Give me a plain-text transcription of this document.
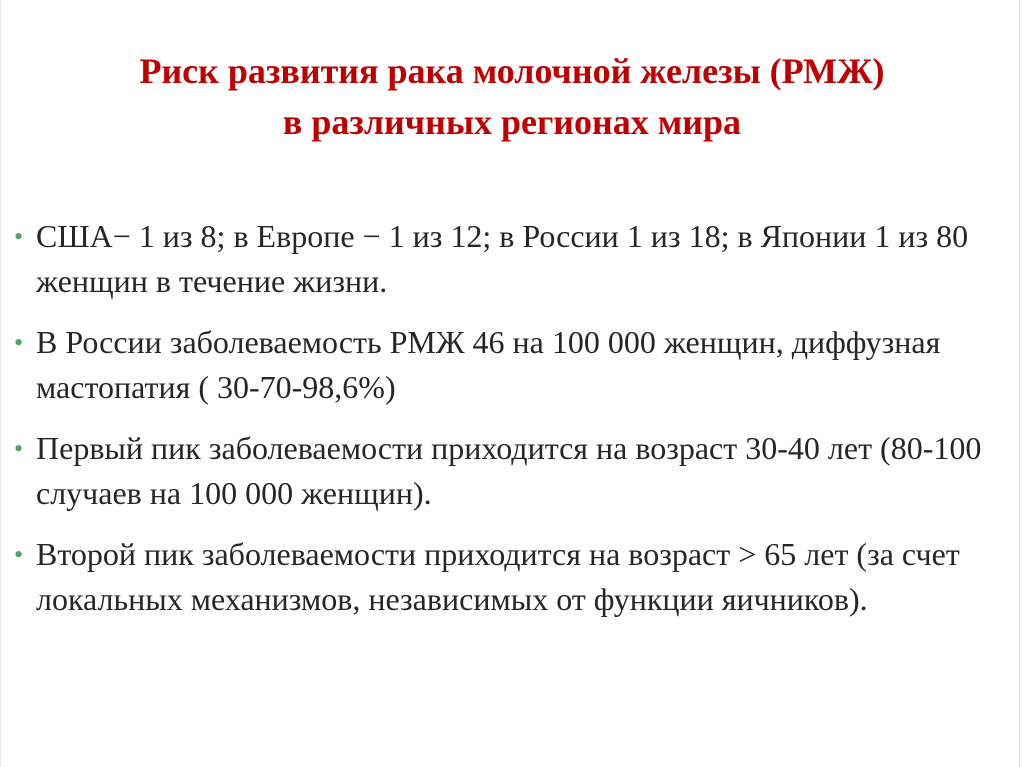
Риск развития рака молочной железы (РМЖ)
в различных регионах мира
• США− 1 из 8; в Европе − 1 из 12; в России 1 из 18; в Японии 1 из 80 женщин в течение жизни.
• В России заболеваемость РМЖ 46 на 100 000 женщин, диффузная мастопатия ( 30-70-98,6%)
• Первый пик заболеваемости приходится на возраст 30-40 лет (80-100 случаев на 100 000 женщин).
• Второй пик заболеваемости приходится на возраст > 65 лет (за счет локальных механизмов, независимых от функции яичников).
